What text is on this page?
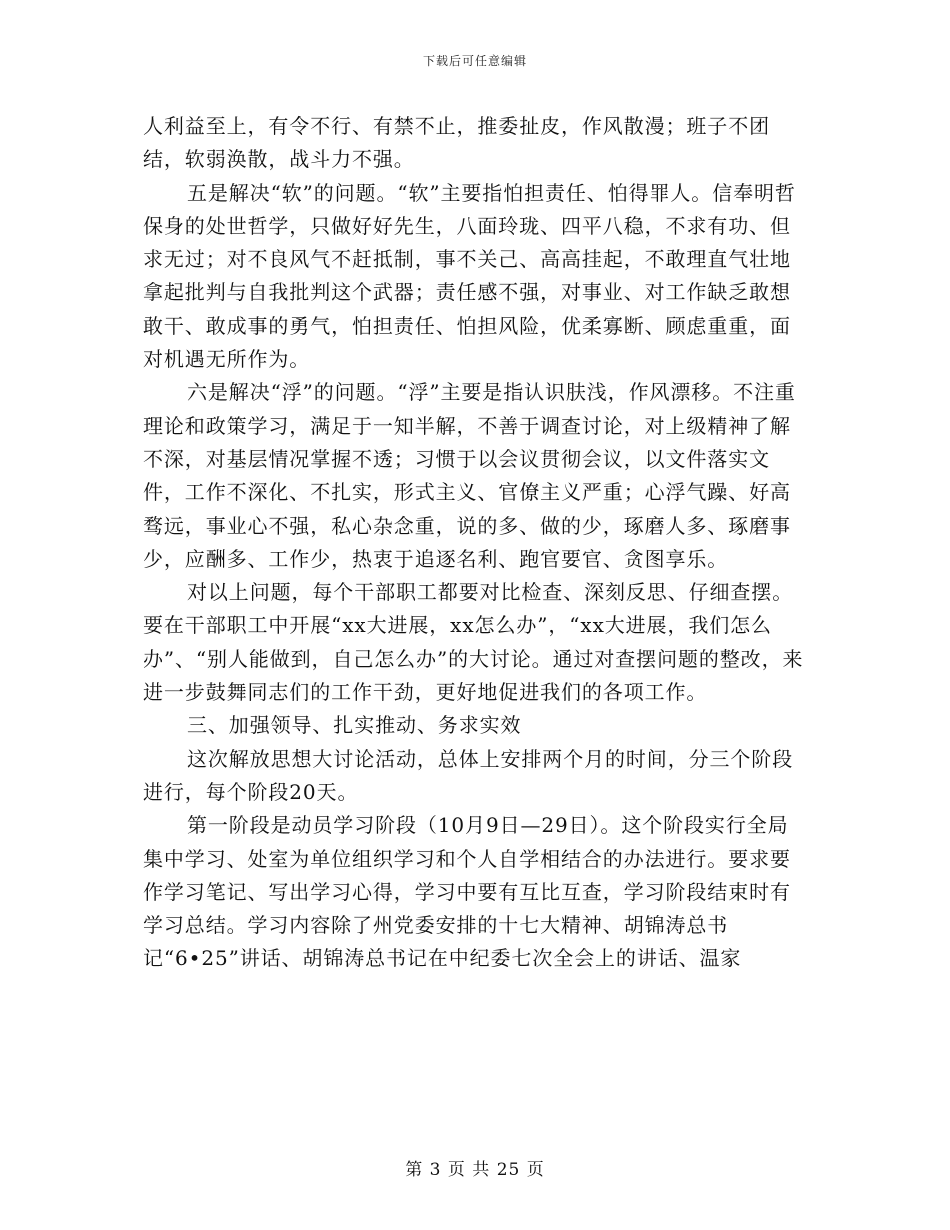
下载后可任意编辑

人利益至上，有令不行、有禁不止，推委扯皮，作风散漫；班子不团结，软弱涣散，战斗力不强。

五是解决“软”的问题。“软”主要指怕担责任、怕得罪人。信奉明哲保身的处世哲学，只做好好先生，八面玲珑、四平八稳，不求有功、但求无过；对不良风气不赶抵制，事不关己、高高挂起，不敢理直气壮地拿起批判与自我批判这个武器；责任感不强，对事业、对工作缺乏敢想敢干、敢成事的勇气，怕担责任、怕担风险，优柔寡断、顾虑重重，面对机遇无所作为。

六是解决“浮”的问题。“浮”主要是指认识肤浅，作风漂移。不注重理论和政策学习，满足于一知半解，不善于调查讨论，对上级精神了解不深，对基层情况掌握不透；习惯于以会议贯彻会议，以文件落实文件，工作不深化、不扎实，形式主义、官僚主义严重；心浮气躁、好高骛远，事业心不强，私心杂念重，说的多、做的少，琢磨人多、琢磨事少，应酬多、工作少，热衷于追逐名利、跑官要官、贪图享乐。

对以上问题，每个干部职工都要对比检查、深刻反思、仔细查摆。要在干部职工中开展“xx大进展，xx怎么办”，“xx大进展，我们怎么办”、“别人能做到，自己怎么办”的大讨论。通过对查摆问题的整改，来进一步鼓舞同志们的工作干劲，更好地促进我们的各项工作。

三、加强领导、扎实推动、务求实效

这次解放思想大讨论活动，总体上安排两个月的时间，分三个阶段进行，每个阶段20天。

第一阶段是动员学习阶段（10月9日—29日）。这个阶段实行全局集中学习、处室为单位组织学习和个人自学相结合的办法进行。要求要作学习笔记、写出学习心得，学习中要有互比互查，学习阶段结束时有学习总结。学习内容除了州党委安排的十七大精神、胡锦涛总书记“6•25”讲话、胡锦涛总书记在中纪委七次全会上的讲话、温家

第 3 页 共 25 页
